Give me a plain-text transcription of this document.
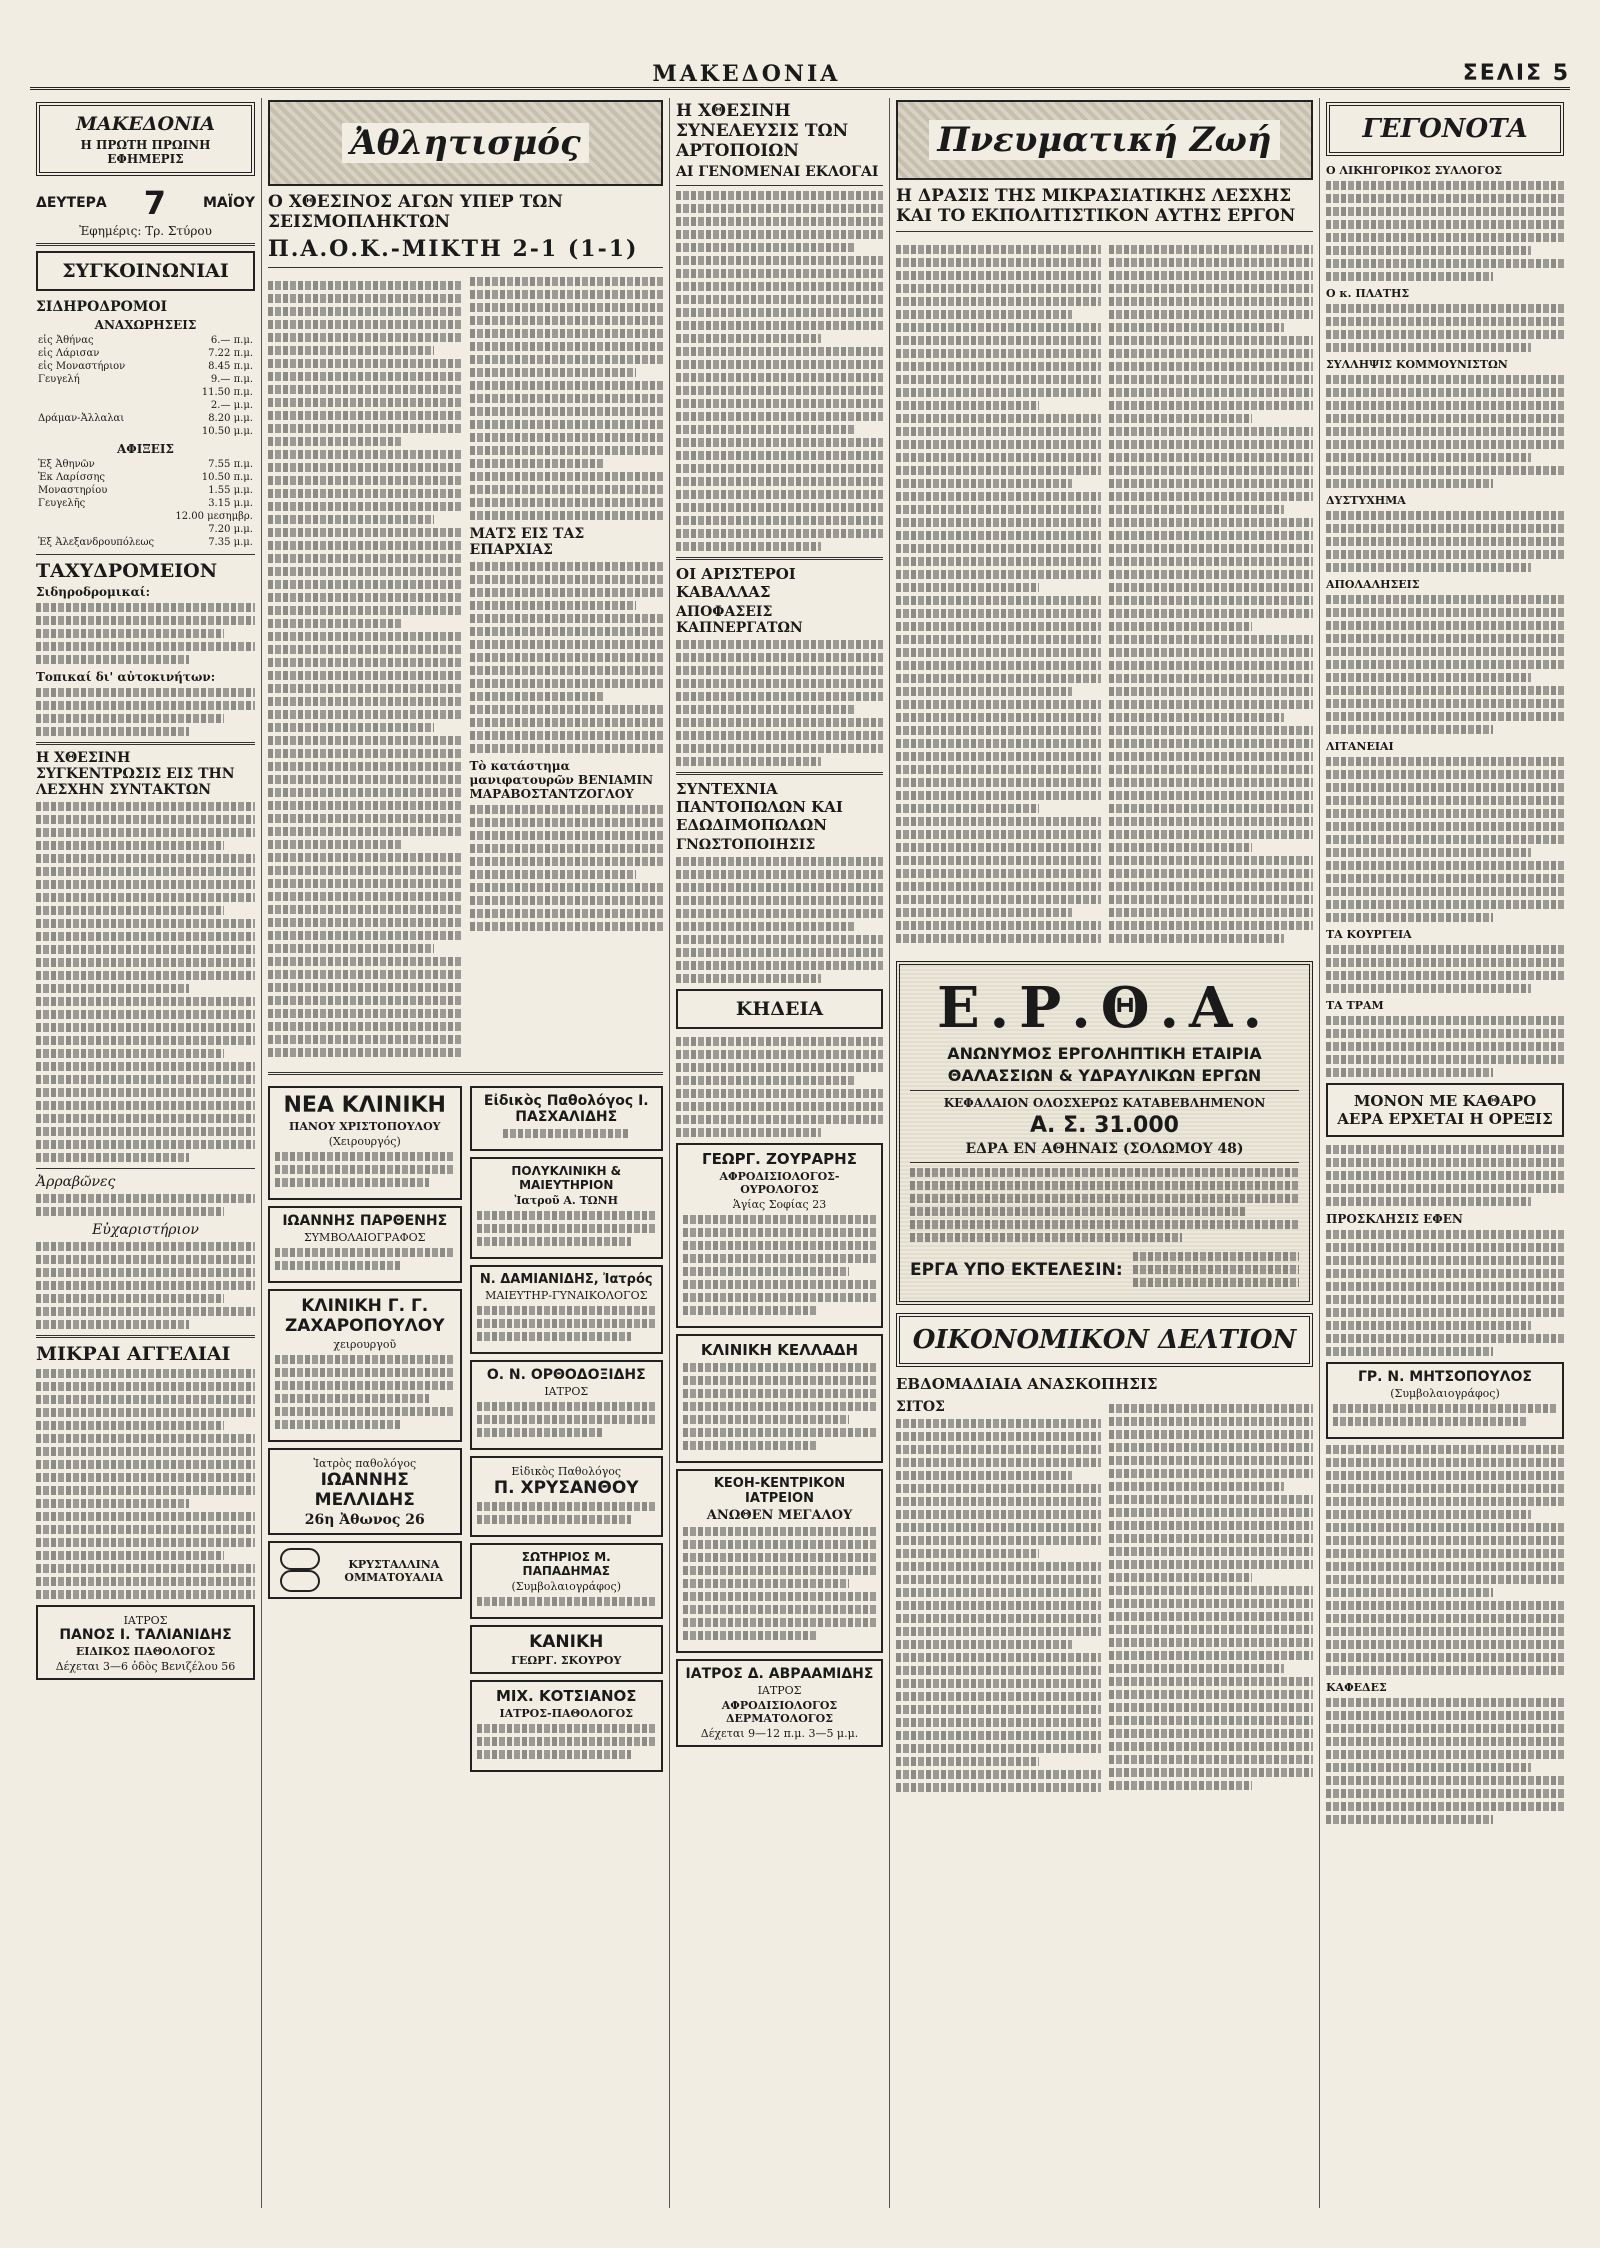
ΜΑΚΕΔΟΝΙΑ	ΣΕΛΙΣ 5
ΜΑΚΕΔΟΝΙΑ
Η ΠΡΩΤΗ ΠΡΩΙΝΗ ΕΦΗΜΕΡΙΣ
ΔΕΥΤΕΡΑ 7	ΜΑΪΟΥ
Ἐφημέρις: Τρ. Στύρου
ΣΥΓΚΟΙΝΩΝΙΑΙ
ΣΙΔΗΡΟΔΡΟΜΟΙ
ΑΝΑΧΩΡΗΣΕΙΣ
εἰς Ἀθήνας	6.— π.μ.
εἰς Λάρισαν	7.22 π.μ.
εἰς Μοναστήριον	8.45 π.μ.
Γευγελή	9.— π.μ.
	11.50 π.μ.
	2.— μ.μ.
Δράμαν-Ἀλλαλαι	8.20 μ.μ.
	10.50 μ.μ.
ΑΦΙΞΕΙΣ
Ἐξ Ἀθηνῶν	7.55 π.μ.
Ἐκ Λαρίσσης	10.50 π.μ.
Μοναστηρίου	1.55 μ.μ.
Γευγελῆς	3.15 μ.μ.
	12.00 μεσημβρ.
	7.20 μ.μ.
Ἐξ Ἀλεξανδρουπόλεως	7.35 μ.μ.
ΤΑΧΥΔΡΟΜΕΙΟΝ
Σιδηροδρομικαί:
Τοπικαί δι' αὐτοκινήτων:
Η ΧΘΕΣΙΝΗ ΣΥΓΚΕΝΤΡΩΣΙΣ ΕΙΣ ΤΗΝ ΛΕΣΧΗΝ ΣΥΝΤΑΚΤΩΝ
Ἀρραβῶνες
Εὐχαριστήριον
ΜΙΚΡΑΙ ΑΓΓΕΛΙΑΙ
ΙΑΤΡΟΣ
ΠΑΝΟΣ Ι. ΤΑΛΙΑΝΙΔΗΣ
ΕΙΔΙΚΟΣ ΠΑΘΟΛΟΓΟΣ
Δέχεται 3—6 ὁδὸς Βενιζέλου 56
Ἀθλητισμός
Ο ΧΘΕΣΙΝΟΣ ΑΓΩΝ ΥΠΕΡ ΤΩΝ ΣΕΙΣΜΟΠΛΗΚΤΩΝ
Π.Α.Ο.Κ.-ΜΙΚΤΗ 2-1 (1-1)
ΜΑΤΣ ΕΙΣ ΤΑΣ ΕΠΑΡΧΙΑΣ
Τὸ κατάστημα μανιφατουρῶν ΒΕΝΙΑΜΙΝ ΜΑΡΑΒΟΣΤΑΝΤΖΟΓΛΟΥ
ΝΕΑ ΚΛΙΝΙΚΗ
ΠΑΝΟΥ ΧΡΙΣΤΟΠΟΥΛΟΥ
(Χειρουργός)
ΙΩΑΝΝΗΣ ΠΑΡΘΕΝΗΣ
ΣΥΜΒΟΛΑΙΟΓΡΑΦΟΣ
ΚΛΙΝΙΚΗ Γ. Γ. ΖΑΧΑΡΟΠΟΥΛΟΥ
χειρουργοῦ
Ἰατρὸς παθολόγος
ΙΩΑΝΝΗΣ ΜΕΛΛΙΔΗΣ
26η Ἀθωνος 26
ΚΡΥΣΤΑΛΛΙΝΑ ΟΜΜΑΤΟΥΑΛΙΑ
Εἰδικὸς Παθολόγος Ι. ΠΑΣΧΑΛΙΔΗΣ
ΠΟΛΥΚΛΙΝΙΚΗ & ΜΑΙΕΥΤΗΡΙΟΝ
Ἰατροῦ Α. ΤΩΝΗ
Ν. ΔΑΜΙΑΝΙΔΗΣ, Ἰατρός
ΜΑΙΕΥΤΗΡ-ΓΥΝΑΙΚΟΛΟΓΟΣ
Ο. Ν. ΟΡΘΟΔΟΞΙΔΗΣ
ΙΑΤΡΟΣ
Εἰδικὸς Παθολόγος
Π. ΧΡΥΣΑΝΘΟΥ
ΣΩΤΗΡΙΟΣ Μ. ΠΑΠΑΔΗΜΑΣ
(Συμβολαιογράφος)
ΚΑΝΙΚΗ
ΓΕΩΡΓ. ΣΚΟΥΡΟΥ
ΜΙΧ. ΚΟΤΣΙΑΝΟΣ
ΙΑΤΡΟΣ-ΠΑΘΟΛΟΓΟΣ
Η ΧΘΕΣΙΝΗ ΣΥΝΕΛΕΥΣΙΣ ΤΩΝ ΑΡΤΟΠΟΙΩΝ
ΑΙ ΓΕΝΟΜΕΝΑΙ ΕΚΛΟΓΑΙ
ΟΙ ΑΡΙΣΤΕΡΟΙ ΚΑΒΑΛΛΑΣ
ΑΠΟΦΑΣΕΙΣ ΚΑΠΝΕΡΓΑΤΩΝ
ΣΥΝΤΕΧΝΙΑ ΠΑΝΤΟΠΩΛΩΝ ΚΑΙ ΕΔΩΔΙΜΟΠΩΛΩΝ
ΓΝΩΣΤΟΠΟΙΗΣΙΣ
ΚΗΔΕΙΑ
ΓΕΩΡΓ. ΖΟΥΡΑΡΗΣ
ΑΦΡΟΔΙΣΙΟΛΟΓΟΣ-ΟΥΡΟΛΟΓΟΣ
Ἁγίας Σοφίας 23
ΚΛΙΝΙΚΗ ΚΕΛΛΑΔΗ
ΚΕΟΗ-ΚΕΝΤΡΙΚΟΝ ΙΑΤΡΕΙΟΝ
ΑΝΩΘΕΝ ΜΕΓΑΛΟΥ
ΙΑΤΡΟΣ Δ. ΑΒΡΑΑΜΙΔΗΣ
ΙΑΤΡΟΣ
ΑΦΡΟΔΙΣΙΟΛΟΓΟΣ ΔΕΡΜΑΤΟΛΟΓΟΣ
Δέχεται 9—12 π.μ. 3—5 μ.μ.
Πνευματική Ζωή
Η ΔΡΑΣΙΣ ΤΗΣ ΜΙΚΡΑΣΙΑΤΙΚΗΣ ΛΕΣΧΗΣ ΚΑΙ ΤΟ ΕΚΠΟΛΙΤΙΣΤΙΚΟΝ ΑΥΤΗΣ ΕΡΓΟΝ
Ε.Ρ.Θ.Α.
ΑΝΩΝΥΜΟΣ ΕΡΓΟΛΗΠΤΙΚΗ ΕΤΑΙΡΙΑ
ΘΑΛΑΣΣΙΩΝ & ΥΔΡΑΥΛΙΚΩΝ ΕΡΓΩΝ
ΚΕΦΑΛΑΙΟΝ ΟΛΟΣΧΕΡΩΣ ΚΑΤΑΒΕΒΛΗΜΕΝΟΝ
Α. Σ. 31.000
ΕΔΡΑ ΕΝ ΑΘΗΝΑΙΣ (ΣΟΛΩΜΟΥ 48)
ΕΡΓΑ ΥΠΟ ΕΚΤΕΛΕΣΙΝ:
ΟΙΚΟΝΟΜΙΚΟΝ ΔΕΛΤΙΟΝ
ΕΒΔΟΜΑΔΙΑΙΑ ΑΝΑΣΚΟΠΗΣΙΣ
ΣΙΤΟΣ
ΓΕΓΟΝΟΤΑ
Ο ΛΙΚΗΓΟΡΙΚΟΣ ΣΥΛΛΟΓΟΣ
Ο κ. ΠΛΑΤΗΣ
ΣΥΛΛΗΨΙΣ ΚΟΜΜΟΥΝΙΣΤΩΝ
ΔΥΣΤΥΧΗΜΑ
ΑΠΟΛΑΛΗΣΕΙΣ
ΛΙΤΑΝΕΙΑΙ
ΤΑ ΚΟΥΡΓΕΙΑ
ΤΑ ΤΡΑΜ
ΜΟΝΟΝ ΜΕ ΚΑΘΑΡΟ ΑΕΡΑ ΕΡΧΕΤΑΙ Η ΟΡΕΞΙΣ
ΠΡΟΣΚΛΗΣΙΣ ΕΦΕΝ
ΓΡ. Ν. ΜΗΤΣΟΠΟΥΛΟΣ
(Συμβολαιογράφος)
ΚΑΦΕΔΕΣ
